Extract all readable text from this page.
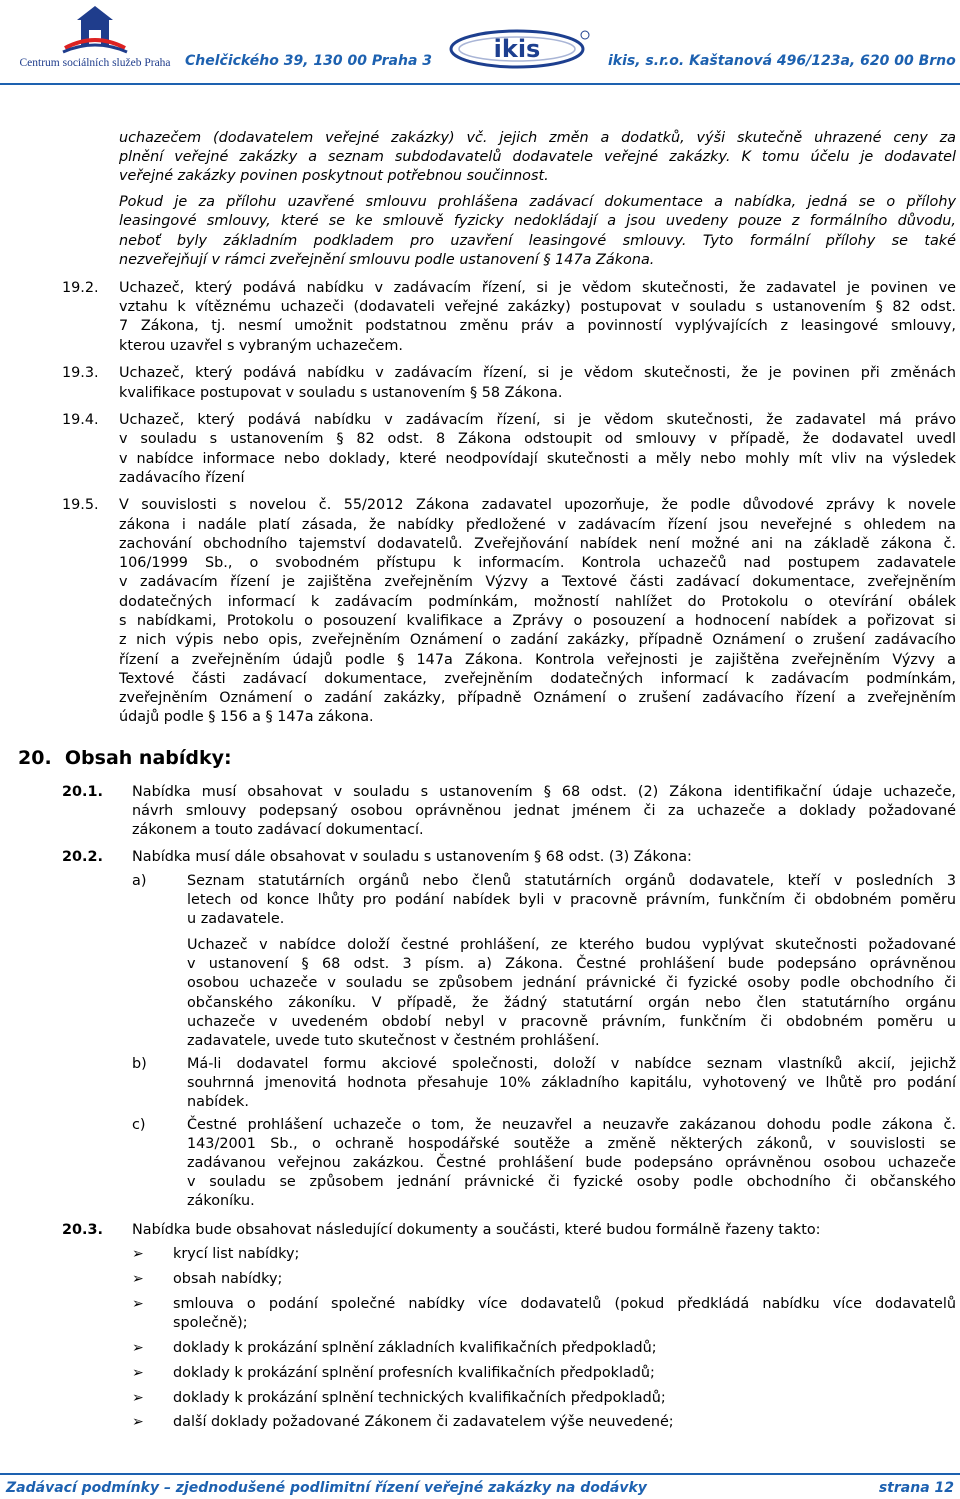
Centrum sociálních služeb Praha	Chelčického 39, 130 00 Praha 3	ikis	ikis, s.r.o. Kaštanová 496/123a, 620 00 Brno
uchazečem (dodavatelem veřejné zakázky) vč. jejich změn a dodatků, výši skutečně uhrazené ceny za
plnění veřejné zakázky a seznam subdodavatelů dodavatele veřejné zakázky. K tomu účelu je dodavatel
veřejné zakázky povinen poskytnout potřebnou součinnost.
Pokud je za přílohu uzavřené smlouvu prohlášena zadávací dokumentace a nabídka, jedná se o přílohy
leasingové smlouvy, které se ke smlouvě fyzicky nedokládají a jsou uvedeny pouze z formálního důvodu,
neboť byly základním podkladem pro uzavření leasingové smlouvy. Tyto formální přílohy se také
nezveřejňují v rámci zveřejnění smlouvu podle ustanovení § 147a Zákona.
19.2. Uchazeč, který podává nabídku v zadávacím řízení, si je vědom skutečnosti, že zadavatel je povinen ve
vztahu k vítěznému uchazeči (dodavateli veřejné zakázky) postupovat v souladu s ustanovením § 82 odst.
7 Zákona, tj. nesmí umožnit podstatnou změnu práv a povinností vyplývajících z leasingové smlouvy,
kterou uzavřel s vybraným uchazečem.
19.3. Uchazeč, který podává nabídku v zadávacím řízení, si je vědom skutečnosti, že je povinen při změnách
kvalifikace postupovat v souladu s ustanovením § 58 Zákona.
19.4. Uchazeč, který podává nabídku v zadávacím řízení, si je vědom skutečnosti, že zadavatel má právo
v souladu s ustanovením § 82 odst. 8 Zákona odstoupit od smlouvy v případě, že dodavatel uvedl
v nabídce informace nebo doklady, které neodpovídají skutečnosti a měly nebo mohly mít vliv na výsledek
zadávacího řízení
19.5. V souvislosti s novelou č. 55/2012 Zákona zadavatel upozorňuje, že podle důvodové zprávy k novele
zákona i nadále platí zásada, že nabídky předložené v zadávacím řízení jsou neveřejné s ohledem na
zachování obchodního tajemství dodavatelů. Zveřejňování nabídek není možné ani na základě zákona č.
106/1999 Sb., o svobodném přístupu k informacím. Kontrola uchazečů nad postupem zadavatele
v zadávacím řízení je zajištěna zveřejněním Výzvy a Textové části zadávací dokumentace, zveřejněním
dodatečných informací k zadávacím podmínkám, možností nahlížet do Protokolu o otevírání obálek
s nabídkami, Protokolu o posouzení kvalifikace a Zprávy o posouzení a hodnocení nabídek a pořizovat si
z nich výpis nebo opis, zveřejněním Oznámení o zadání zakázky, případně Oznámení o zrušení zadávacího
řízení a zveřejněním údajů podle § 147a Zákona. Kontrola veřejnosti je zajištěna zveřejněním Výzvy a
Textové části zadávací dokumentace, zveřejněním dodatečných informací k zadávacím podmínkám,
zveřejněním Oznámení o zadání zakázky, případně Oznámení o zrušení zadávacího řízení a zveřejněním
údajů podle § 156 a § 147a zákona.
20. Obsah nabídky:
20.1. Nabídka musí obsahovat v souladu s ustanovením § 68 odst. (2) Zákona identifikační údaje uchazeče,
návrh smlouvy podepsaný osobou oprávněnou jednat jménem či za uchazeče a doklady požadované
zákonem a touto zadávací dokumentací.
20.2. Nabídka musí dále obsahovat v souladu s ustanovením § 68 odst. (3) Zákona:
a)	Seznam statutárních orgánů nebo členů statutárních orgánů dodavatele, kteří v posledních 3
letech od konce lhůty pro podání nabídek byli v pracovně právním, funkčním či obdobném poměru
u zadavatele.
Uchazeč v nabídce doloží čestné prohlášení, ze kterého budou vyplývat skutečnosti požadované
v ustanovení § 68 odst. 3 písm. a) Zákona. Čestné prohlášení bude podepsáno oprávněnou
osobou uchazeče v souladu se způsobem jednání právnické či fyzické osoby podle obchodního či
občanského zákoníku. V případě, že žádný statutární orgán nebo člen statutárního orgánu
uchazeče v uvedeném období nebyl v pracovně právním, funkčním či obdobném poměru u
zadavatele, uvede tuto skutečnost v čestném prohlášení.
b)	Má-li dodavatel formu akciové společnosti, doloží v nabídce seznam vlastníků akcií, jejichž
souhrnná jmenovitá hodnota přesahuje 10% základního kapitálu, vyhotovený ve lhůtě pro podání
nabídek.
c)	Čestné prohlášení uchazeče o tom, že neuzavřel a neuzavře zakázanou dohodu podle zákona č.
143/2001 Sb., o ochraně hospodářské soutěže a změně některých zákonů, v souvislosti se
zadávanou veřejnou zakázkou. Čestné prohlášení bude podepsáno oprávněnou osobou uchazeče
v souladu se způsobem jednání právnické či fyzické osoby podle obchodního či občanského
zákoníku.
20.3. Nabídka bude obsahovat následující dokumenty a součásti, které budou formálně řazeny takto:
➢ krycí list nabídky;
➢ obsah nabídky;
➢ smlouva o podání společné nabídky více dodavatelů (pokud předkládá nabídku více dodavatelů
společně);
➢ doklady k prokázání splnění základních kvalifikačních předpokladů;
➢ doklady k prokázání splnění profesních kvalifikačních předpokladů;
➢ doklady k prokázání splnění technických kvalifikačních předpokladů;
➢ další doklady požadované Zákonem či zadavatelem výše neuvedené;
Zadávací podmínky – zjednodušené podlimitní řízení veřejné zakázky na dodávky	strana 12
